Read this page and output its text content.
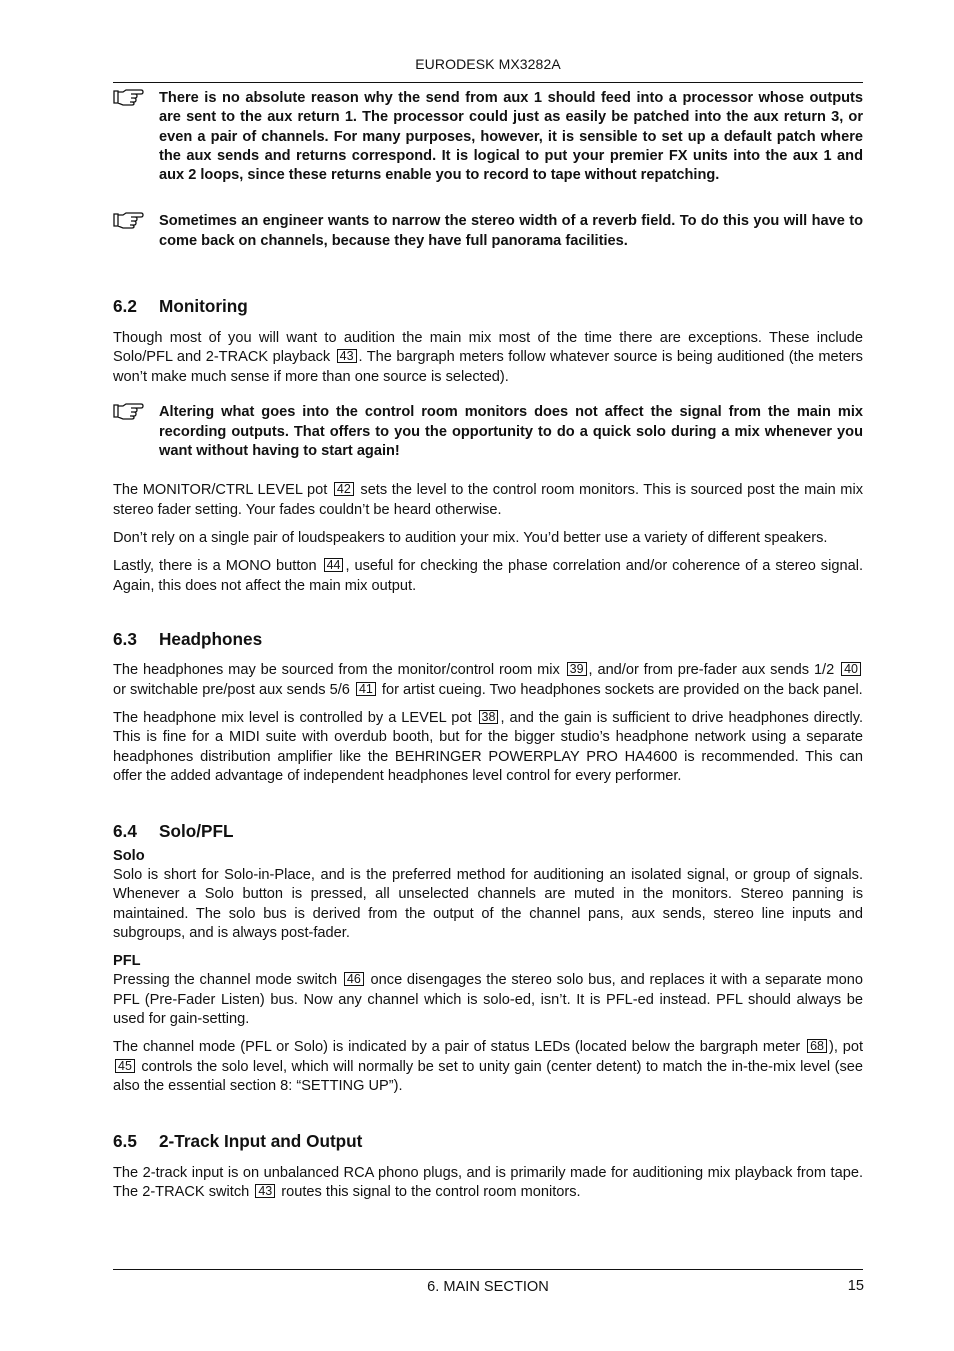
EURODESK MX3282A
There is no absolute reason why the send from aux 1 should feed into a processor whose outputs are sent to the aux return 1. The processor could just as easily be patched into the aux return 3, or even a pair of channels. For many purposes, however, it is sensible to set up a default patch where the aux sends and returns correspond. It is logical to put your premier FX units into the aux 1 and aux 2 loops, since these returns enable you to record to tape without repatching.
Sometimes an engineer wants to narrow the stereo width of a reverb field. To do this you will have to come back on channels, because they have full panorama facilities.
6.2 Monitoring

Though most of you will want to audition the main mix most of the time there are exceptions. These include Solo/PFL and 2-TRACK playback 43 . The bargraph meters follow whatever source is being auditioned (the meters won’t make much sense if more than one source is selected).

Altering what goes into the control room monitors does not affect the signal from the main mix recording outputs. That offers to you the opportunity to do a quick solo during a mix whenever you want without having to start again!

The MONITOR/CTRL LEVEL pot 42 sets the level to the control room monitors. This is sourced post the main mix stereo fader setting. Your fades couldn’t be heard otherwise.

Don’t rely on a single pair of loudspeakers to audition your mix. You’d better use a variety of different speakers.

Lastly, there is a MONO button 44 , useful for checking the phase correlation and/or coherence of a stereo signal. Again, this does not affect the main mix output.

6.3 Headphones

The headphones may be sourced from the monitor/control room mix 39 , and/or from pre-fader aux sends 1/2 40 or switchable pre/post aux sends 5/6 41 for artist cueing. Two headphones sockets are provided on the back panel.

The headphone mix level is controlled by a LEVEL pot 38 , and the gain is sufficient to drive headphones directly. This is fine for a MIDI suite with overdub booth, but for the bigger studio’s headphone network using a separate headphones distribution amplifier like the BEHRINGER POWERPLAY PRO HA4600 is recommended. This can offer the added advantage of independent headphones level control for every performer.

6.4 Solo/PFL

Solo

Solo is short for Solo-in-Place, and is the preferred method for auditioning an isolated signal, or group of signals. Whenever a Solo button is pressed, all unselected channels are muted in the monitors. Stereo panning is maintained. The solo bus is derived from the output of the channel pans, aux sends, stereo line inputs and subgroups, and is always post-fader.

PFL

Pressing the channel mode switch 46 once disengages the stereo solo bus, and replaces it with a separate mono PFL (Pre-Fader Listen) bus. Now any channel which is solo-ed, isn’t. It is PFL-ed instead. PFL should always be used for gain-setting.

The channel mode (PFL or Solo) is indicated by a pair of status LEDs (located below the bargraph meter 68 ), pot 45 controls the solo level, which will normally be set to unity gain (center detent) to match the in-the-mix level (see also the essential section 8: “SETTING UP”).

6.5 2-Track Input and Output

The 2-track input is on unbalanced RCA phono plugs, and is primarily made for auditioning mix playback from tape. The 2-TRACK switch 43 routes this signal to the control room monitors.

6. MAIN SECTION	15
